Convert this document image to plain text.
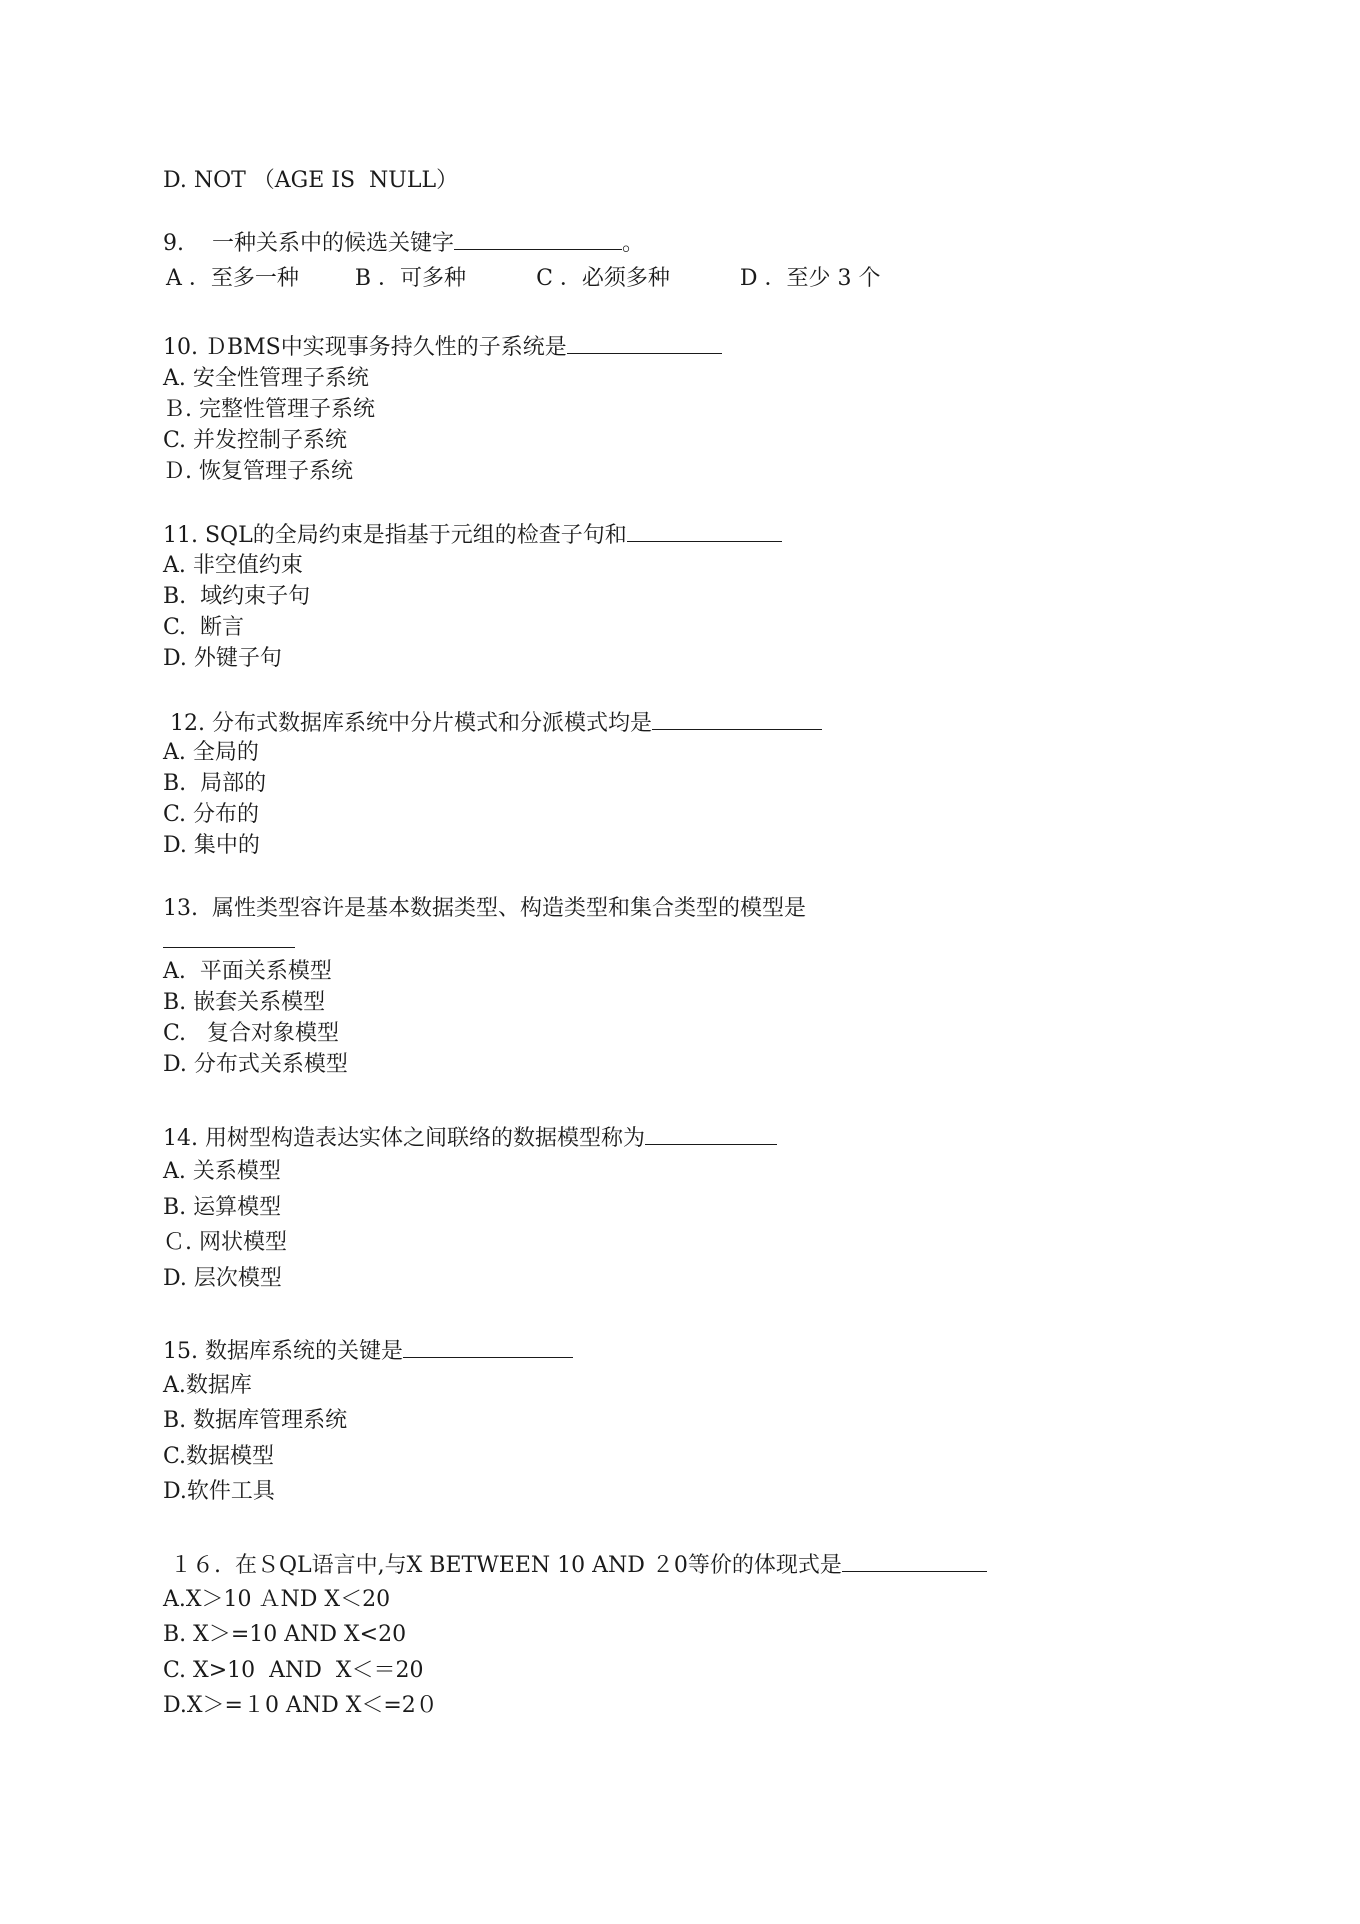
D. NOT （AGE IS  NULL）
9. 一种关系中的候选关键字	。
A ．至多一种	B ．可多种	C ．必须多种	D ．至少 3 个
10. ＤBMS中实现事务持久性的子系统是
A. 安全性管理子系统
Ｂ. 完整性管理子系统
C. 并发控制子系统
Ｄ. 恢复管理子系统
11. SQL的全局约束是指基于元组的检查子句和
A. 非空值约束
B.  域约束子句
C.  断言
D. 外键子句
12. 分布式数据库系统中分片模式和分派模式均是
A. 全局的
B.  局部的
C. 分布的
D. 集中的
13.  属性类型容许是基本数据类型、构造类型和集合类型的模型是
A.  平面关系模型
B. 嵌套关系模型
C.   复合对象模型
D. 分布式关系模型
14. 用树型构造表达实体之间联络的数据模型称为
A. 关系模型
B. 运算模型
Ｃ. 网状模型
D. 层次模型
15. 数据库系统的关键是
A.数据库
B. 数据库管理系统
C.数据模型
D.软件工具
１６.  在ＳQL语言中,与X BETWEEN 10 AND ２0等价的体现式是
A.X＞10 ＡND X＜20
B. X＞=10 AND X<20
C. X>10  AND  X＜＝20
D.X＞=１0 AND X＜=2０
